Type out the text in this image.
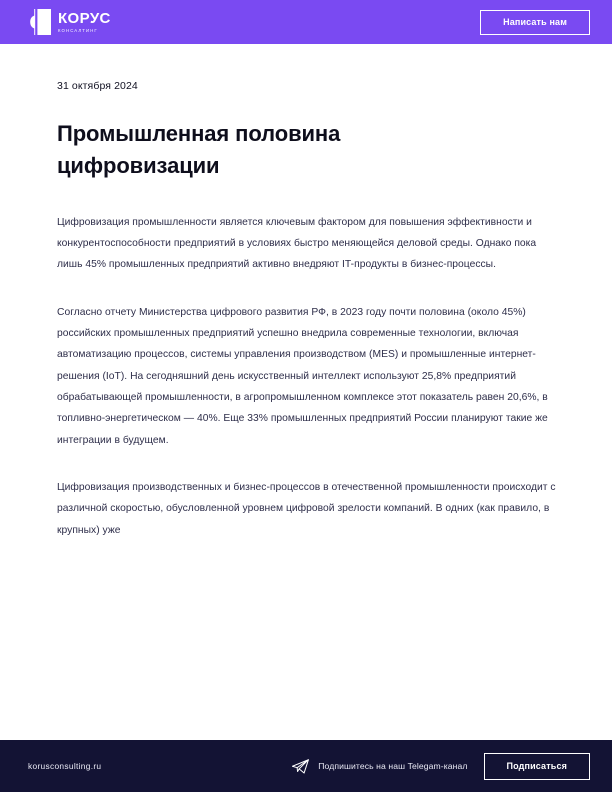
КОРУС
КОНСАЛТИНГ
Написать нам
31 октября 2024
Промышленная половина цифровизации

Цифровизация промышленности является ключевым фактором для повышения эффективности и конкурентоспособности предприятий в условиях быстро меняющейся деловой среды. Однако пока лишь 45% промышленных предприятий активно внедряют IT-продукты в бизнес-процессы.

Согласно отчету Министерства цифрового развития РФ, в 2023 году почти половина (около 45%) российских промышленных предприятий успешно внедрила современные технологии, включая автоматизацию процессов, системы управления производством (MES) и промышленные интернет-решения (IoT). На сегодняшний день искусственный интеллект используют 25,8% предприятий обрабатывающей промышленности, в агропромышленном комплексе этот показатель равен 20,6%, в топливно-энергетическом — 40%. Еще 33% промышленных предприятий России планируют такие же интеграции в будущем.

Цифровизация производственных и бизнес-процессов в отечественной промышленности происходит с различной скоростью, обусловленной уровнем цифровой зрелости компаний. В одних (как правило, в крупных) уже

korusconsulting.ru	Подпишитесь на наш Telegam-канал	Подписаться
